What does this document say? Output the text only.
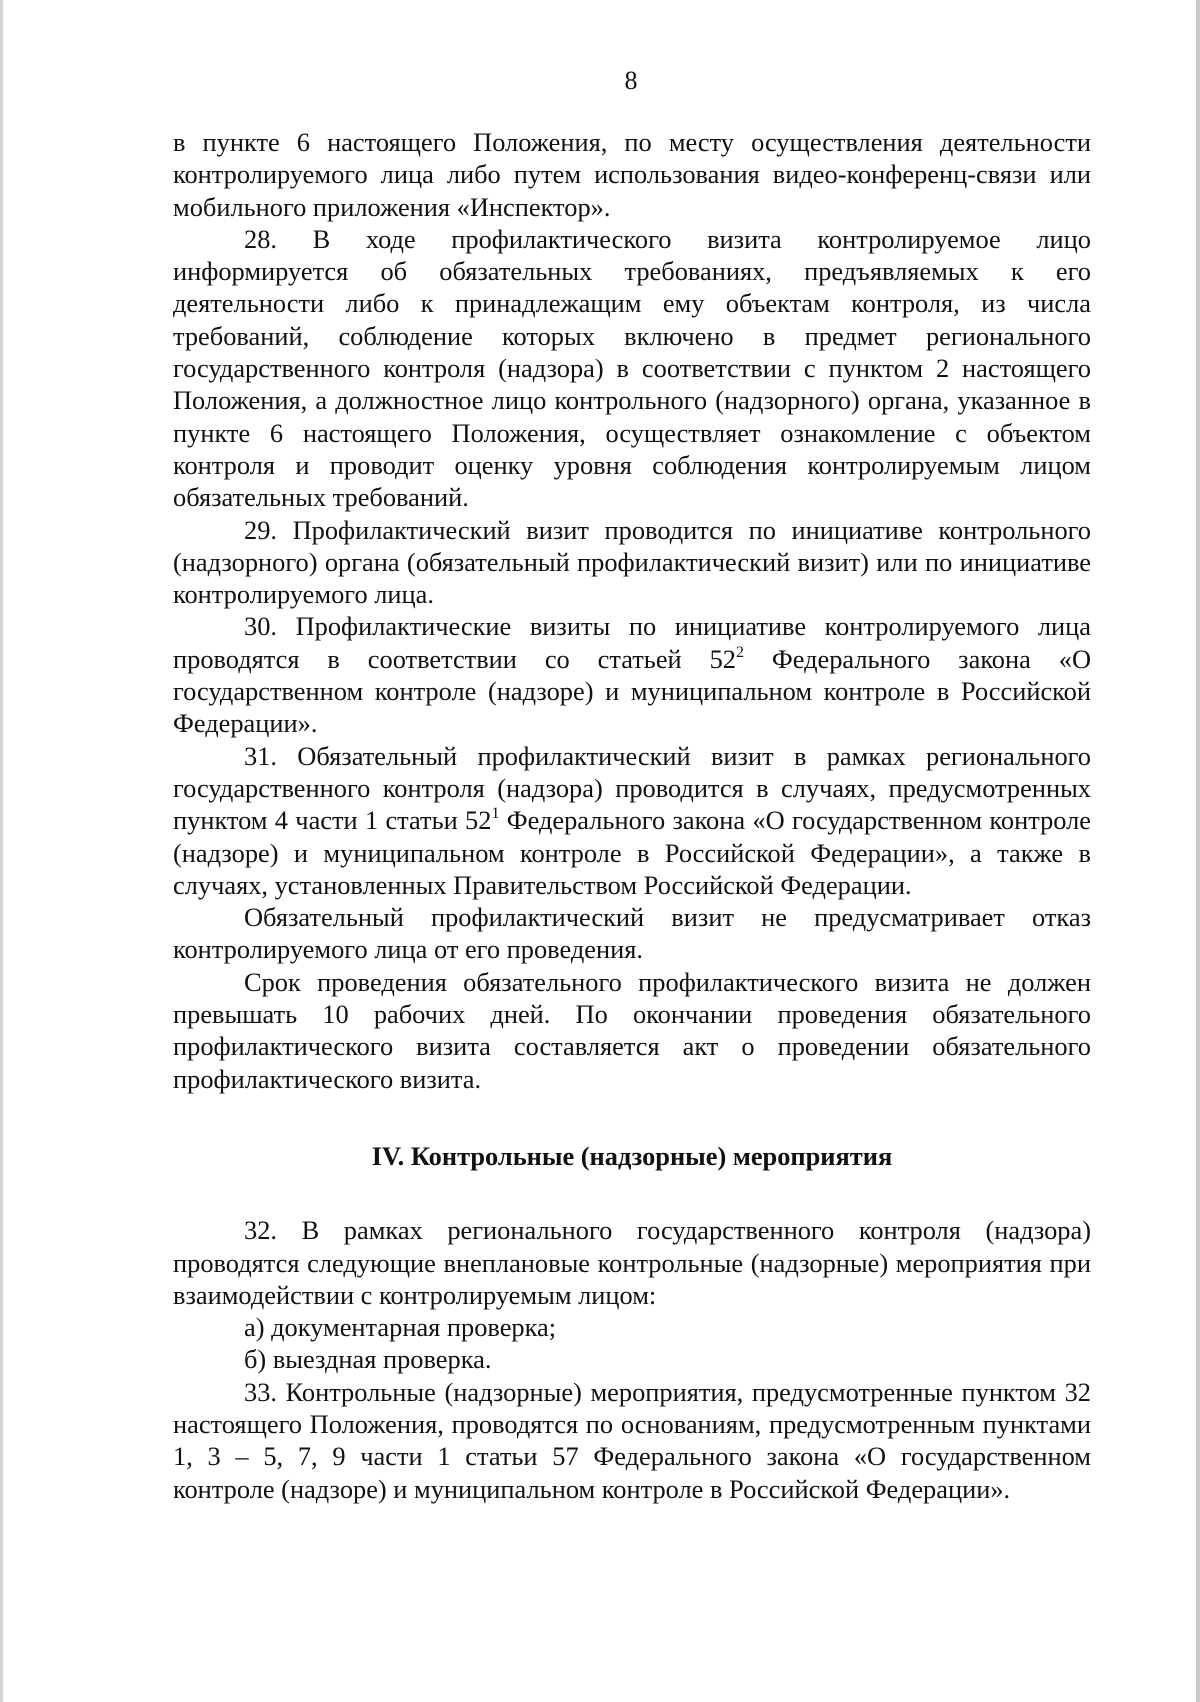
8

в пункте 6 настоящего Положения, по месту осуществления деятельности контролируемого лица либо путем использования видео-конференц-связи или мобильного приложения «Инспектор».

28. В ходе профилактического визита контролируемое лицо информируется об обязательных требованиях, предъявляемых к его деятельности либо к принадлежащим ему объектам контроля, из числа требований, соблюдение которых включено в предмет регионального государственного контроля (надзора) в соответствии с пунктом 2 настоящего Положения, а должностное лицо контрольного (надзорного) органа, указанное в пункте 6 настоящего Положения, осуществляет ознакомление с объектом контроля и проводит оценку уровня соблюдения контролируемым лицом обязательных требований.

29. Профилактический визит проводится по инициативе контрольного (надзорного) органа (обязательный профилактический визит) или по инициативе контролируемого лица.

30. Профилактические визиты по инициативе контролируемого лица проводятся в соответствии со статьей $52^2$ Федерального закона «О государственном контроле (надзоре) и муниципальном контроле в Российской Федерации».

31. Обязательный профилактический визит в рамках регионального государственного контроля (надзора) проводится в случаях, предусмотренных пунктом 4 части 1 статьи $52^1$ Федерального закона «О государственном контроле (надзоре) и муниципальном контроле в Российской Федерации», а также в случаях, установленных Правительством Российской Федерации.

Обязательный профилактический визит не предусматривает отказ контролируемого лица от его проведения.

Срок проведения обязательного профилактического визита не должен превышать 10 рабочих дней. По окончании проведения обязательного профилактического визита составляется акт о проведении обязательного профилактического визита.

IV. Контрольные (надзорные) мероприятия

32. В рамках регионального государственного контроля (надзора) проводятся следующие внеплановые контрольные (надзорные) мероприятия при взаимодействии с контролируемым лицом:

а) документарная проверка;

б) выездная проверка.

33. Контрольные (надзорные) мероприятия, предусмотренные пунктом 32 настоящего Положения, проводятся по основаниям, предусмотренным пунктами 1, 3 – 5, 7, 9 части 1 статьи 57 Федерального закона «О государственном контроле (надзоре) и муниципальном контроле в Российской Федерации».
